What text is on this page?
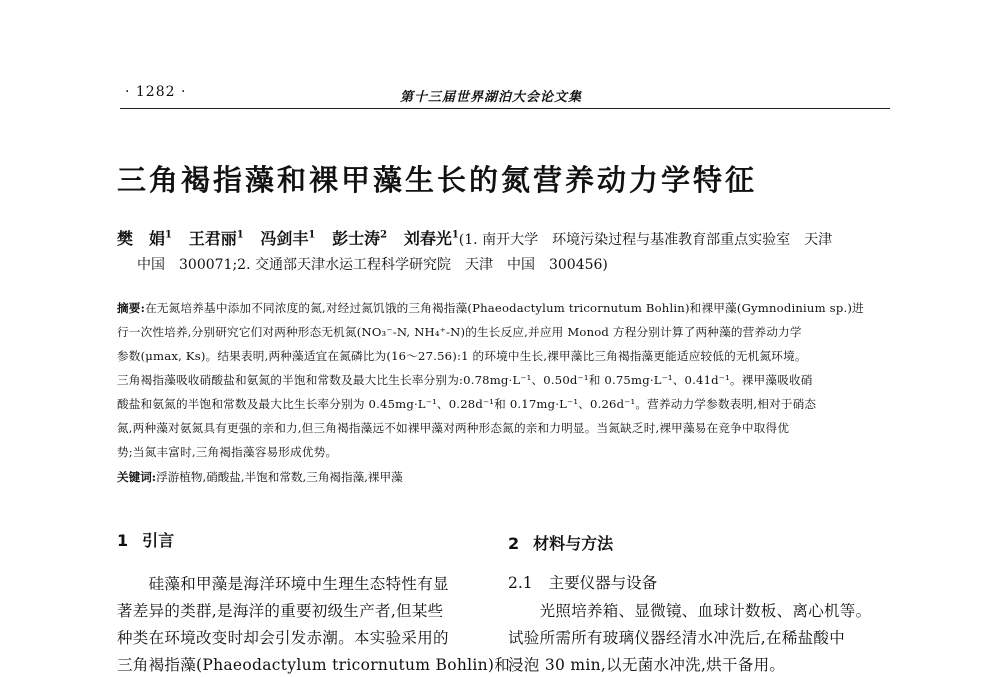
· 1282 ·	第十三届世界湖泊大会论文集
三角褐指藻和裸甲藻生长的氮营养动力学特征
樊　娟$^1$ 王君丽$^1$ 冯剑丰$^1$ 彭士涛$^2$ 刘春光$^1$(1. 南开大学　环境污染过程与基准教育部重点实验室　天津
中国　300071;2. 交通部天津水运工程科学研究院　天津　中国　300456)
摘要:在无氮培养基中添加不同浓度的氮,对经过氮饥饿的三角褐指藻(Phaeodactylum tricornutum Bohlin)和裸甲藻(Gymnodinium sp.)进
行一次性培养,分别研究它们对两种形态无机氮(NO₃⁻-N, NH₄⁺-N)的生长反应,并应用 Monod 方程分别计算了两种藻的营养动力学
参数(μmax, Ks)。结果表明,两种藻适宜在氮磷比为(16～27.56):1 的环境中生长,裸甲藻比三角褐指藻更能适应较低的无机氮环境。
三角褐指藻吸收硝酸盐和氨氮的半饱和常数及最大比生长率分别为:0.78mg·L⁻¹、0.50d⁻¹和 0.75mg·L⁻¹、0.41d⁻¹。裸甲藻吸收硝
酸盐和氨氮的半饱和常数及最大比生长率分别为 0.45mg·L⁻¹、0.28d⁻¹和 0.17mg·L⁻¹、0.26d⁻¹。营养动力学参数表明,相对于硝态
氮,两种藻对氨氮具有更强的亲和力,但三角褐指藻远不如裸甲藻对两种形态氮的亲和力明显。当氮缺乏时,裸甲藻易在竞争中取得优
势;当氮丰富时,三角褐指藻容易形成优势。
关键词:浮游植物,硝酸盐,半饱和常数,三角褐指藻,裸甲藻
1 引言
　　硅藻和甲藻是海洋环境中生理生态特性有显
著差异的类群,是海洋的重要初级生产者,但某些
种类在环境改变时却会引发赤潮。本实验采用的
三角褐指藻(Phaeodactylum tricornutum Bohlin)和
2 材料与方法
2.1 主要仪器与设备
　　光照培养箱、显微镜、血球计数板、离心机等。
试验所需所有玻璃仪器经清水冲洗后,在稀盐酸中
浸泡 30 min,以无菌水冲洗,烘干备用。
